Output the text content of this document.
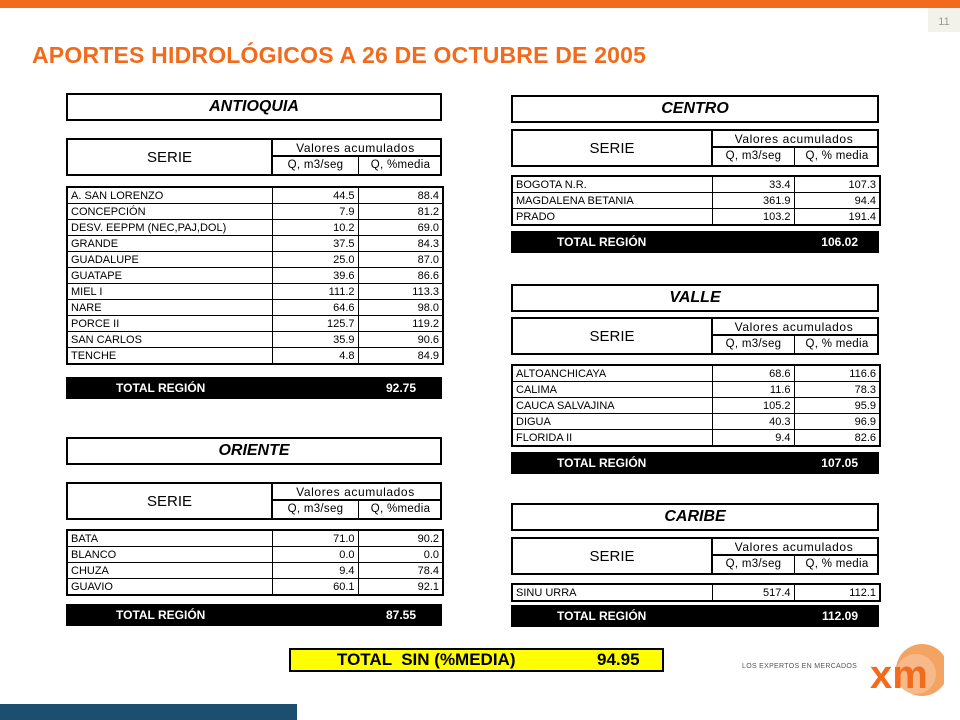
11
APORTES HIDROLÓGICOS A 26 DE OCTUBRE DE 2005
ANTIOQUIA
SERIE
Valores acumulados
Q, m3/seg	Q, %media
A. SAN LORENZO	44.5	88.4
CONCEPCIÓN	7.9	81.2
DESV. EEPPM (NEC,PAJ,DOL)	10.2	69.0
GRANDE	37.5	84.3
GUADALUPE	25.0	87.0
GUATAPE	39.6	86.6
MIEL I	111.2	113.3
NARE	64.6	98.0
PORCE II	125.7	119.2
SAN CARLOS	35.9	90.6
TENCHE	4.8	84.9
TOTAL REGIÓN	92.75
ORIENTE
SERIE
Valores acumulados
Q, m3/seg	Q, %media
BATA	71.0	90.2
BLANCO	0.0	0.0
CHUZA	9.4	78.4
GUAVIO	60.1	92.1
TOTAL REGIÓN	87.55
CENTRO
SERIE
Valores acumulados
Q, m3/seg	Q, % media
BOGOTA N.R.	33.4	107.3
MAGDALENA BETANIA	361.9	94.4
PRADO	103.2	191.4
TOTAL REGIÓN	106.02
VALLE
SERIE
Valores acumulados
Q, m3/seg	Q, % media
ALTOANCHICAYA	68.6	116.6
CALIMA	11.6	78.3
CAUCA SALVAJINA	105.2	95.9
DIGUA	40.3	96.9
FLORIDA II	9.4	82.6
TOTAL REGIÓN	107.05
CARIBE
SERIE
Valores acumulados
Q, m3/seg	Q, % media
SINU URRA	517.4	112.1
TOTAL REGIÓN	112.09
TOTAL  SIN (%MEDIA)	94.95	LOS EXPERTOS EN MERCADOS xm
